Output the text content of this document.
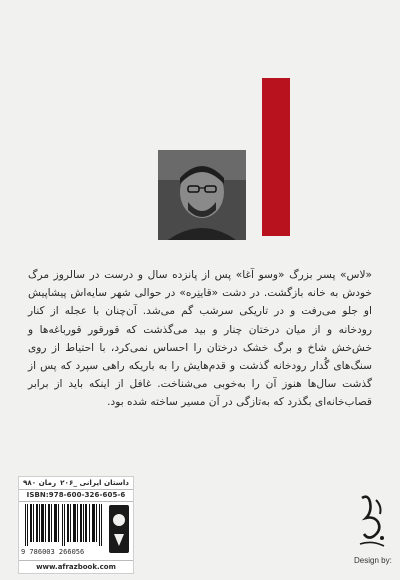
«لاس» پسر بزرگ «وسو آغا» پس از پانزده سال و درست در سالروز مرگ خودش به خانه بازگشت. در دشت «قاینِره» در حوالی شهر سایه‌اش پیشاپیش او جلو می‌رفت و در تاریکی سرشب گم می‌شد. آن‌چنان با عجله از کنار رودخانه و از میان درختان چنار و بید می‌گذشت که قورقور قورباغه‌ها و خش‌خش شاخ و برگ خشک درختان را احساس نمی‌کرد، با احتیاط از روی سنگ‌های گُدار رودخانه گذشت و قدم‌هایش را به باریکه راهی سپرد که پس از گذشت سال‌ها هنوز آن را به‌خوبی می‌شناخت. غافل از اینکه باید از برابر قصاب‌خانه‌ای بگذرد که به‌تازگی در آن مسیر ساخته شده بود.

داستان ایرانی _۲۰۶
رمان ۹۸۰
ISBN:978-600-326-605-6
9 786003 266056
www.afrazbook.com
Design by:
